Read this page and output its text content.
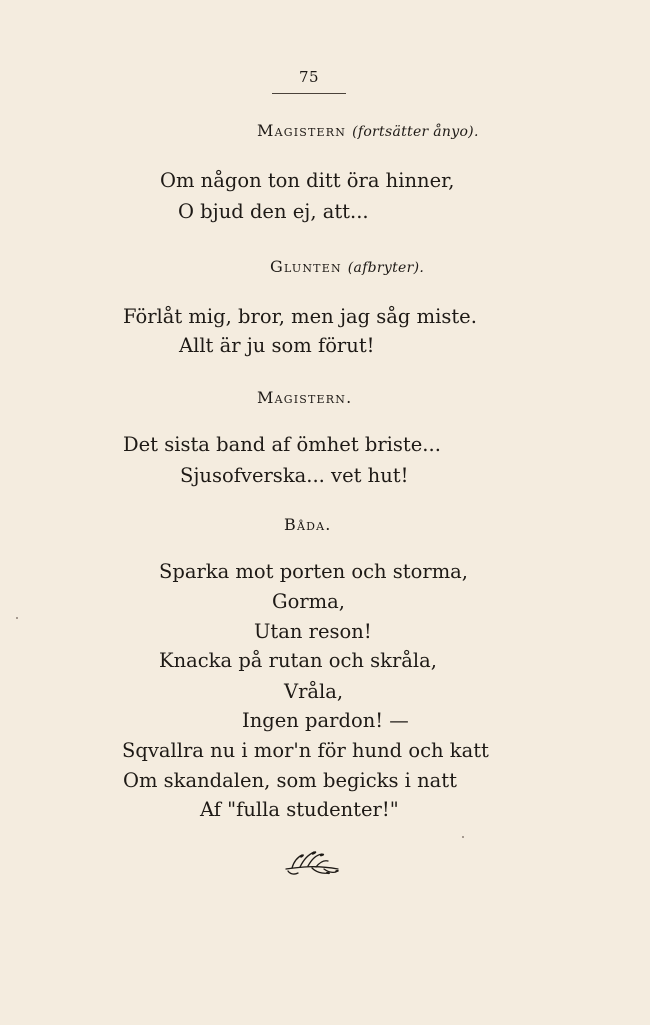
75
Magistern (fortsätter ånyo).
Om någon ton ditt öra hinner,
O bjud den ej, att...
Glunten (afbryter).
Förlåt mig, bror, men jag såg miste.
Allt är ju som förut!
Magistern.
Det sista band af ömhet briste...
Sjusofverska... vet hut!
Båda.
Sparka mot porten och storma,
Gorma,
Utan reson!
Knacka på rutan och skråla,
Vråla,
Ingen pardon! —
Sqvallra nu i mor'n för hund och katt
Om skandalen, som begicks i natt
Af "fulla studenter!"
